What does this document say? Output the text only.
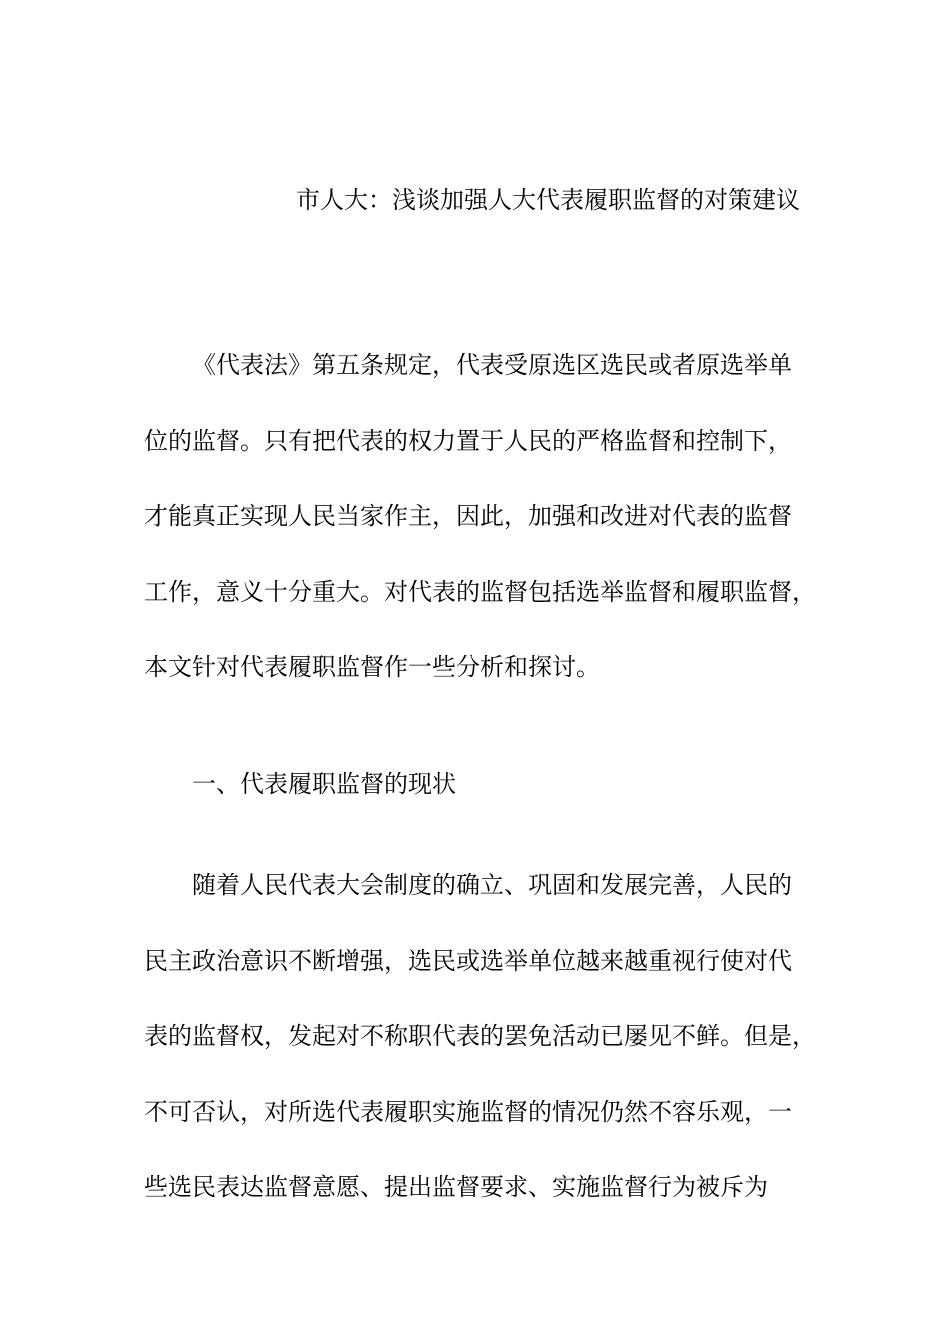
市人大：浅谈加强人大代表履职监督的对策建议
《代表法》第五条规定，代表受原选区选民或者原选举单
位的监督。只有把代表的权力置于人民的严格监督和控制下，
才能真正实现人民当家作主，因此，加强和改进对代表的监督
工作，意义十分重大。对代表的监督包括选举监督和履职监督，
本文针对代表履职监督作一些分析和探讨。
一、代表履职监督的现状
随着人民代表大会制度的确立、巩固和发展完善，人民的
民主政治意识不断增强，选民或选举单位越来越重视行使对代
表的监督权，发起对不称职代表的罢免活动已屡见不鲜。但是，
不可否认，对所选代表履职实施监督的情况仍然不容乐观，一
些选民表达监督意愿、提出监督要求、实施监督行为被斥为
